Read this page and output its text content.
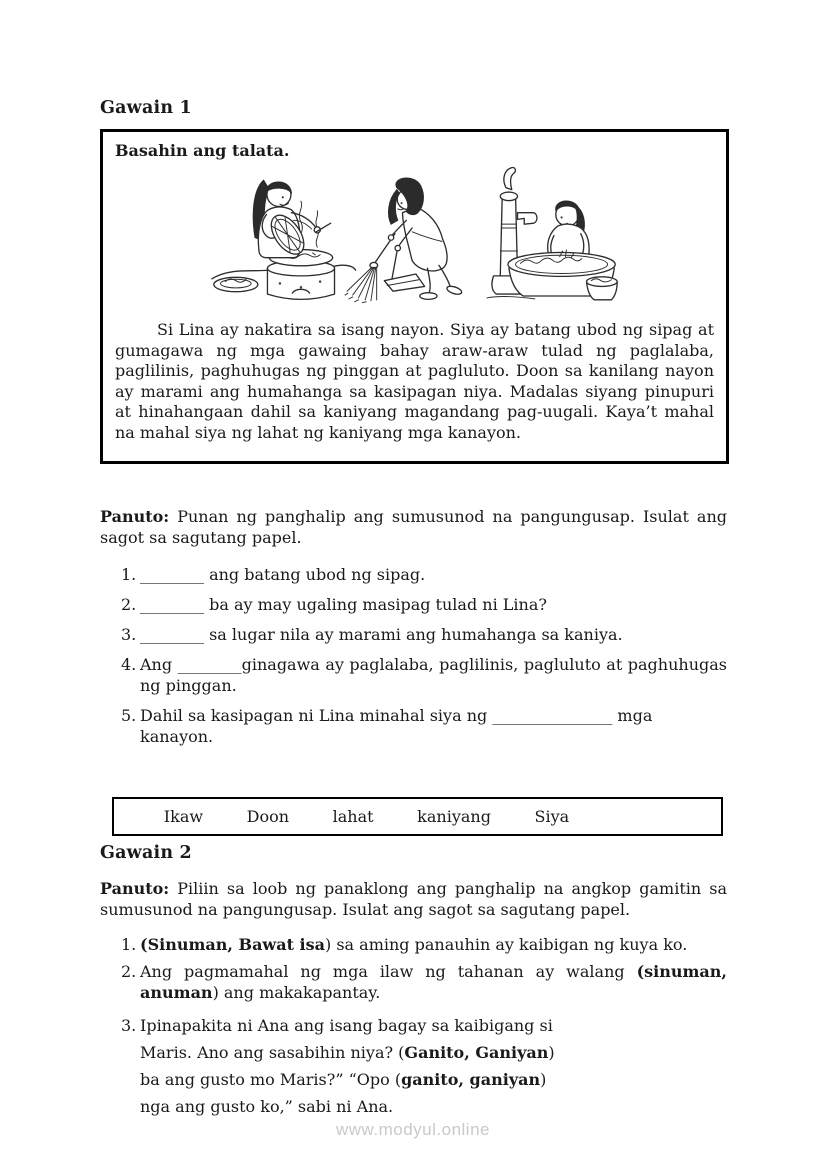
Gawain 1
Basahin ang talata.

Si Lina ay nakatira sa isang nayon. Siya ay batang ubod ng sipag at gumagawa ng mga gawaing bahay araw-araw tulad ng paglalaba, paglilinis, paghuhugas ng pinggan at pagluluto. Doon sa kanilang nayon ay marami ang humahanga sa kasipagan niya. Madalas siyang pinupuri at hinahangaan dahil sa kaniyang magandang pag-uugali. Kaya’t mahal na mahal siya ng lahat ng kaniyang mga kanayon.

Panuto: Punan ng panghalip ang sumusunod na pangungusap. Isulat ang sagot sa sagutang papel.

1. ________ ang batang ubod ng sipag.
2. ________ ba ay may ugaling masipag tulad ni Lina?
3. ________ sa lugar nila ay marami ang humahanga sa kaniya.
4. Ang ________ginagawa ay paglalaba, paglilinis, pagluluto at paghuhugas ng pinggan.
5. Dahil sa kasipagan ni Lina minahal siya ng _______________ mga kanayon.
Ikaw	Doon	lahat	kaniyang	Siya
Gawain 2

Panuto: Piliin sa loob ng panaklong ang panghalip na angkop gamitin sa sumusunod na pangungusap. Isulat ang sagot sa sagutang papel.

1. (Sinuman, Bawat isa) sa aming panauhin ay kaibigan ng kuya ko.
2. Ang pagmamahal ng mga ilaw ng tahanan ay walang (sinuman, anuman) ang makakapantay.
3. Ipinapakita ni Ana ang isang bagay sa kaibigang si Maris. Ano ang sasabihin niya? (Ganito, Ganiyan) ba ang gusto mo Maris?” “Opo (ganito, ganiyan) nga ang gusto ko,” sabi ni Ana.
www.modyul.online
